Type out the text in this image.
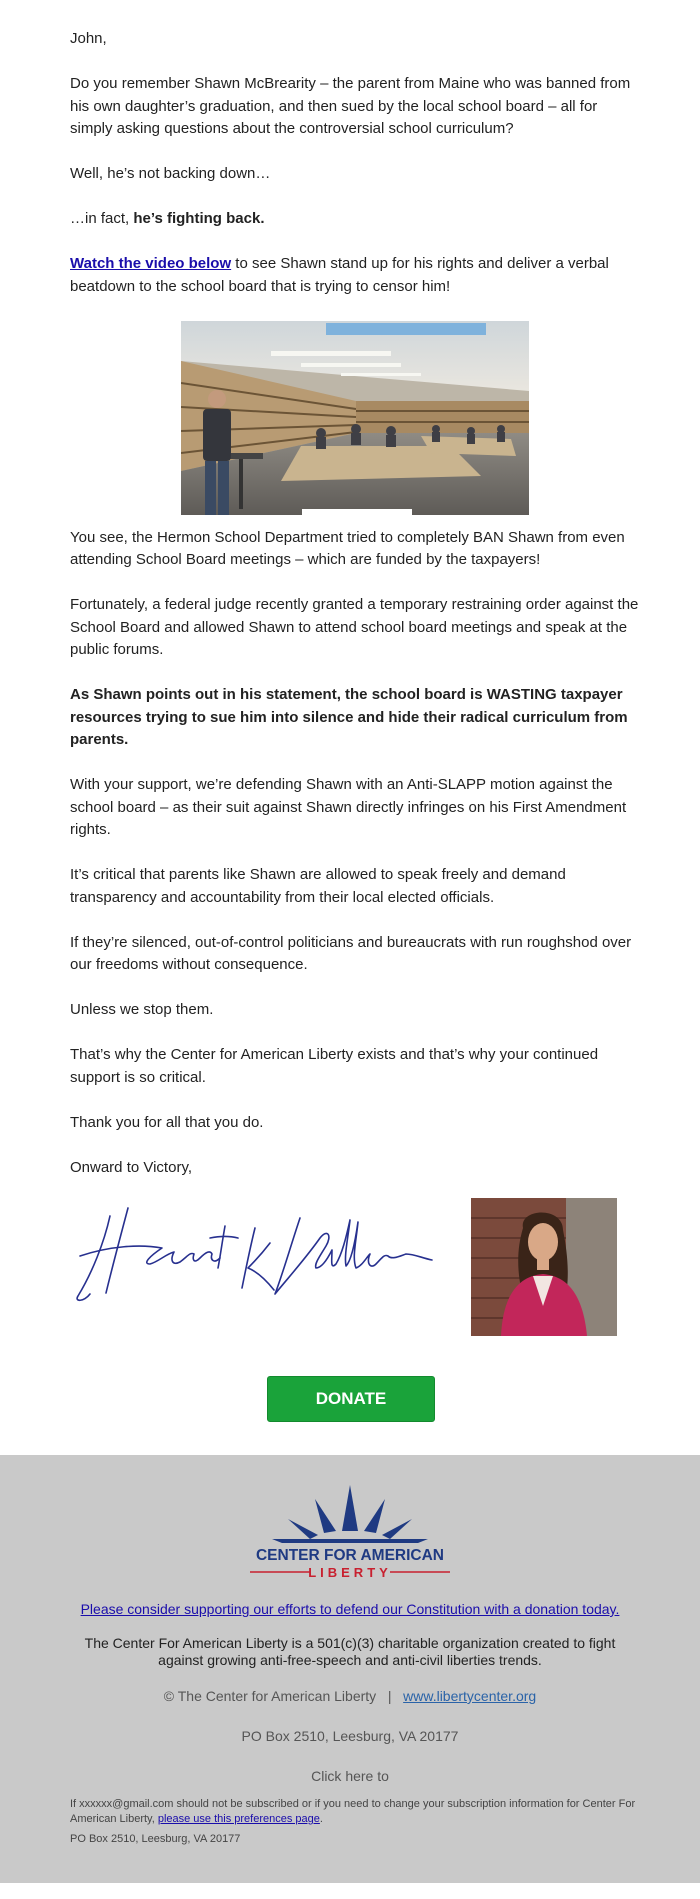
John,

Do you remember Shawn McBrearity – the parent from Maine who was banned from his own daughter’s graduation, and then sued by the local school board – all for simply asking questions about the controversial school curriculum?

Well, he’s not backing down…

…in fact, he’s fighting back.

Watch the video below to see Shawn stand up for his rights and deliver a verbal beatdown to the school board that is trying to censor him!

You see, the Hermon School Department tried to completely BAN Shawn from even attending School Board meetings – which are funded by the taxpayers!

Fortunately, a federal judge recently granted a temporary restraining order against the School Board and allowed Shawn to attend school board meetings and speak at the public forums.

As Shawn points out in his statement, the school board is WASTING taxpayer resources trying to sue him into silence and hide their radical curriculum from parents.

With your support, we’re defending Shawn with an Anti-SLAPP motion against the school board – as their suit against Shawn directly infringes on his First Amendment rights.

It’s critical that parents like Shawn are allowed to speak freely and demand transparency and accountability from their local elected officials.

If they’re silenced, out-of-control politicians and bureaucrats with run roughshod over our freedoms without consequence.

Unless we stop them.

That’s why the Center for American Liberty exists and that’s why your continued support is so critical.

Thank you for all that you do.

Onward to Victory,

DONATE
CENTER FOR AMERICAN
LIBERTY
Please consider supporting our efforts to defend our Constitution with a donation today.
The Center For American Liberty is a 501(c)(3) charitable organization created to fight against growing anti-free-speech and anti-civil liberties trends.
© The Center for American Liberty | www.libertycenter.org
PO Box 2510, Leesburg, VA 20177
Click here to
If xxxxxx@gmail.com should not be subscribed or if you need to change your subscription information for Center For American Liberty, please use this preferences page.
PO Box 2510, Leesburg, VA 20177
